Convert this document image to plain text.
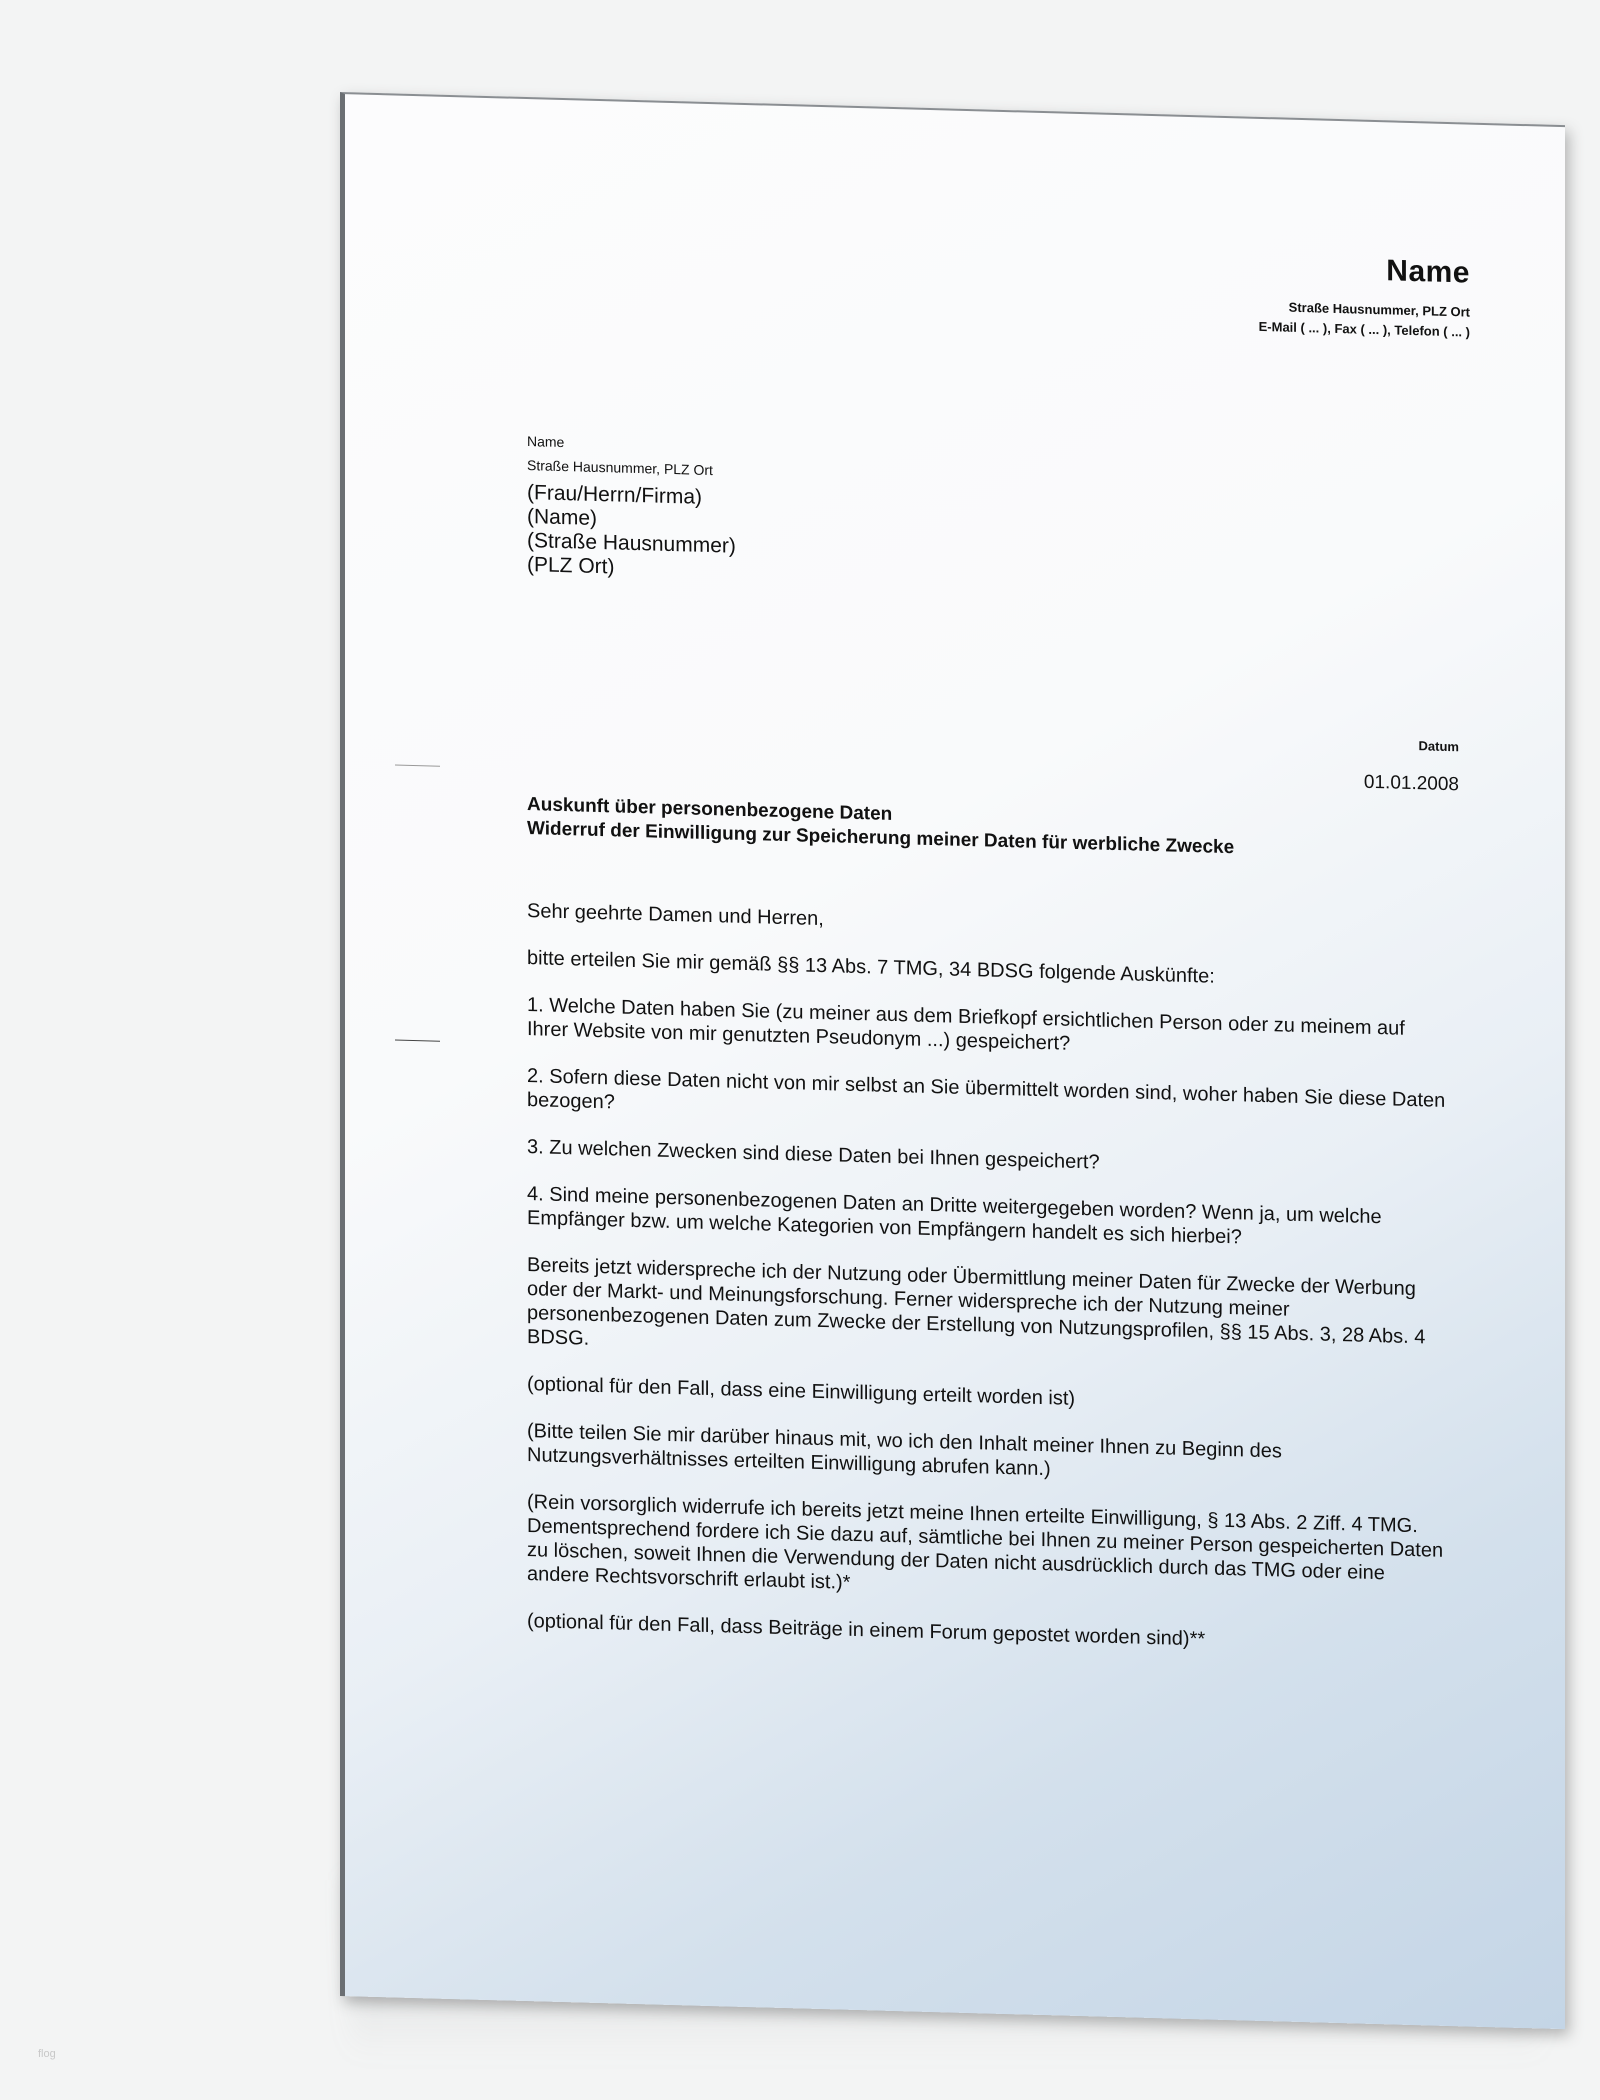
Name
Straße Hausnummer, PLZ Ort
E-Mail ( ... ), Fax ( ... ), Telefon ( ... )
Name
Straße Hausnummer, PLZ Ort
(Frau/Herrn/Firma)
(Name)
(Straße Hausnummer)
(PLZ Ort)
Datum
01.01.2008
Auskunft über personenbezogene Daten
Widerruf der Einwilligung zur Speicherung meiner Daten für werbliche Zwecke

Sehr geehrte Damen und Herren,

bitte erteilen Sie mir gemäß §§ 13 Abs. 7 TMG, 34 BDSG folgende Auskünfte:

1. Welche Daten haben Sie (zu meiner aus dem Briefkopf ersichtlichen Person oder zu meinem auf Ihrer Website von mir genutzten Pseudonym ...) gespeichert?

2. Sofern diese Daten nicht von mir selbst an Sie übermittelt worden sind, woher haben Sie diese Daten bezogen?

3. Zu welchen Zwecken sind diese Daten bei Ihnen gespeichert?

4. Sind meine personenbezogenen Daten an Dritte weitergegeben worden? Wenn ja, um welche Empfänger bzw. um welche Kategorien von Empfängern handelt es sich hierbei?

Bereits jetzt widerspreche ich der Nutzung oder Übermittlung meiner Daten für Zwecke der Werbung oder der Markt- und Meinungsforschung. Ferner widerspreche ich der Nutzung meiner personenbezogenen Daten zum Zwecke der Erstellung von Nutzungsprofilen, §§ 15 Abs. 3, 28 Abs. 4 BDSG.

(optional für den Fall, dass eine Einwilligung erteilt worden ist)

(Bitte teilen Sie mir darüber hinaus mit, wo ich den Inhalt meiner Ihnen zu Beginn des Nutzungsverhältnisses erteilten Einwilligung abrufen kann.)

(Rein vorsorglich widerrufe ich bereits jetzt meine Ihnen erteilte Einwilligung, § 13 Abs. 2 Ziff. 4 TMG. Dementsprechend fordere ich Sie dazu auf, sämtliche bei Ihnen zu meiner Person gespeicherten Daten zu löschen, soweit Ihnen die Verwendung der Daten nicht ausdrücklich durch das TMG oder eine andere Rechtsvorschrift erlaubt ist.)*

(optional für den Fall, dass Beiträge in einem Forum gepostet worden sind)**

flog
